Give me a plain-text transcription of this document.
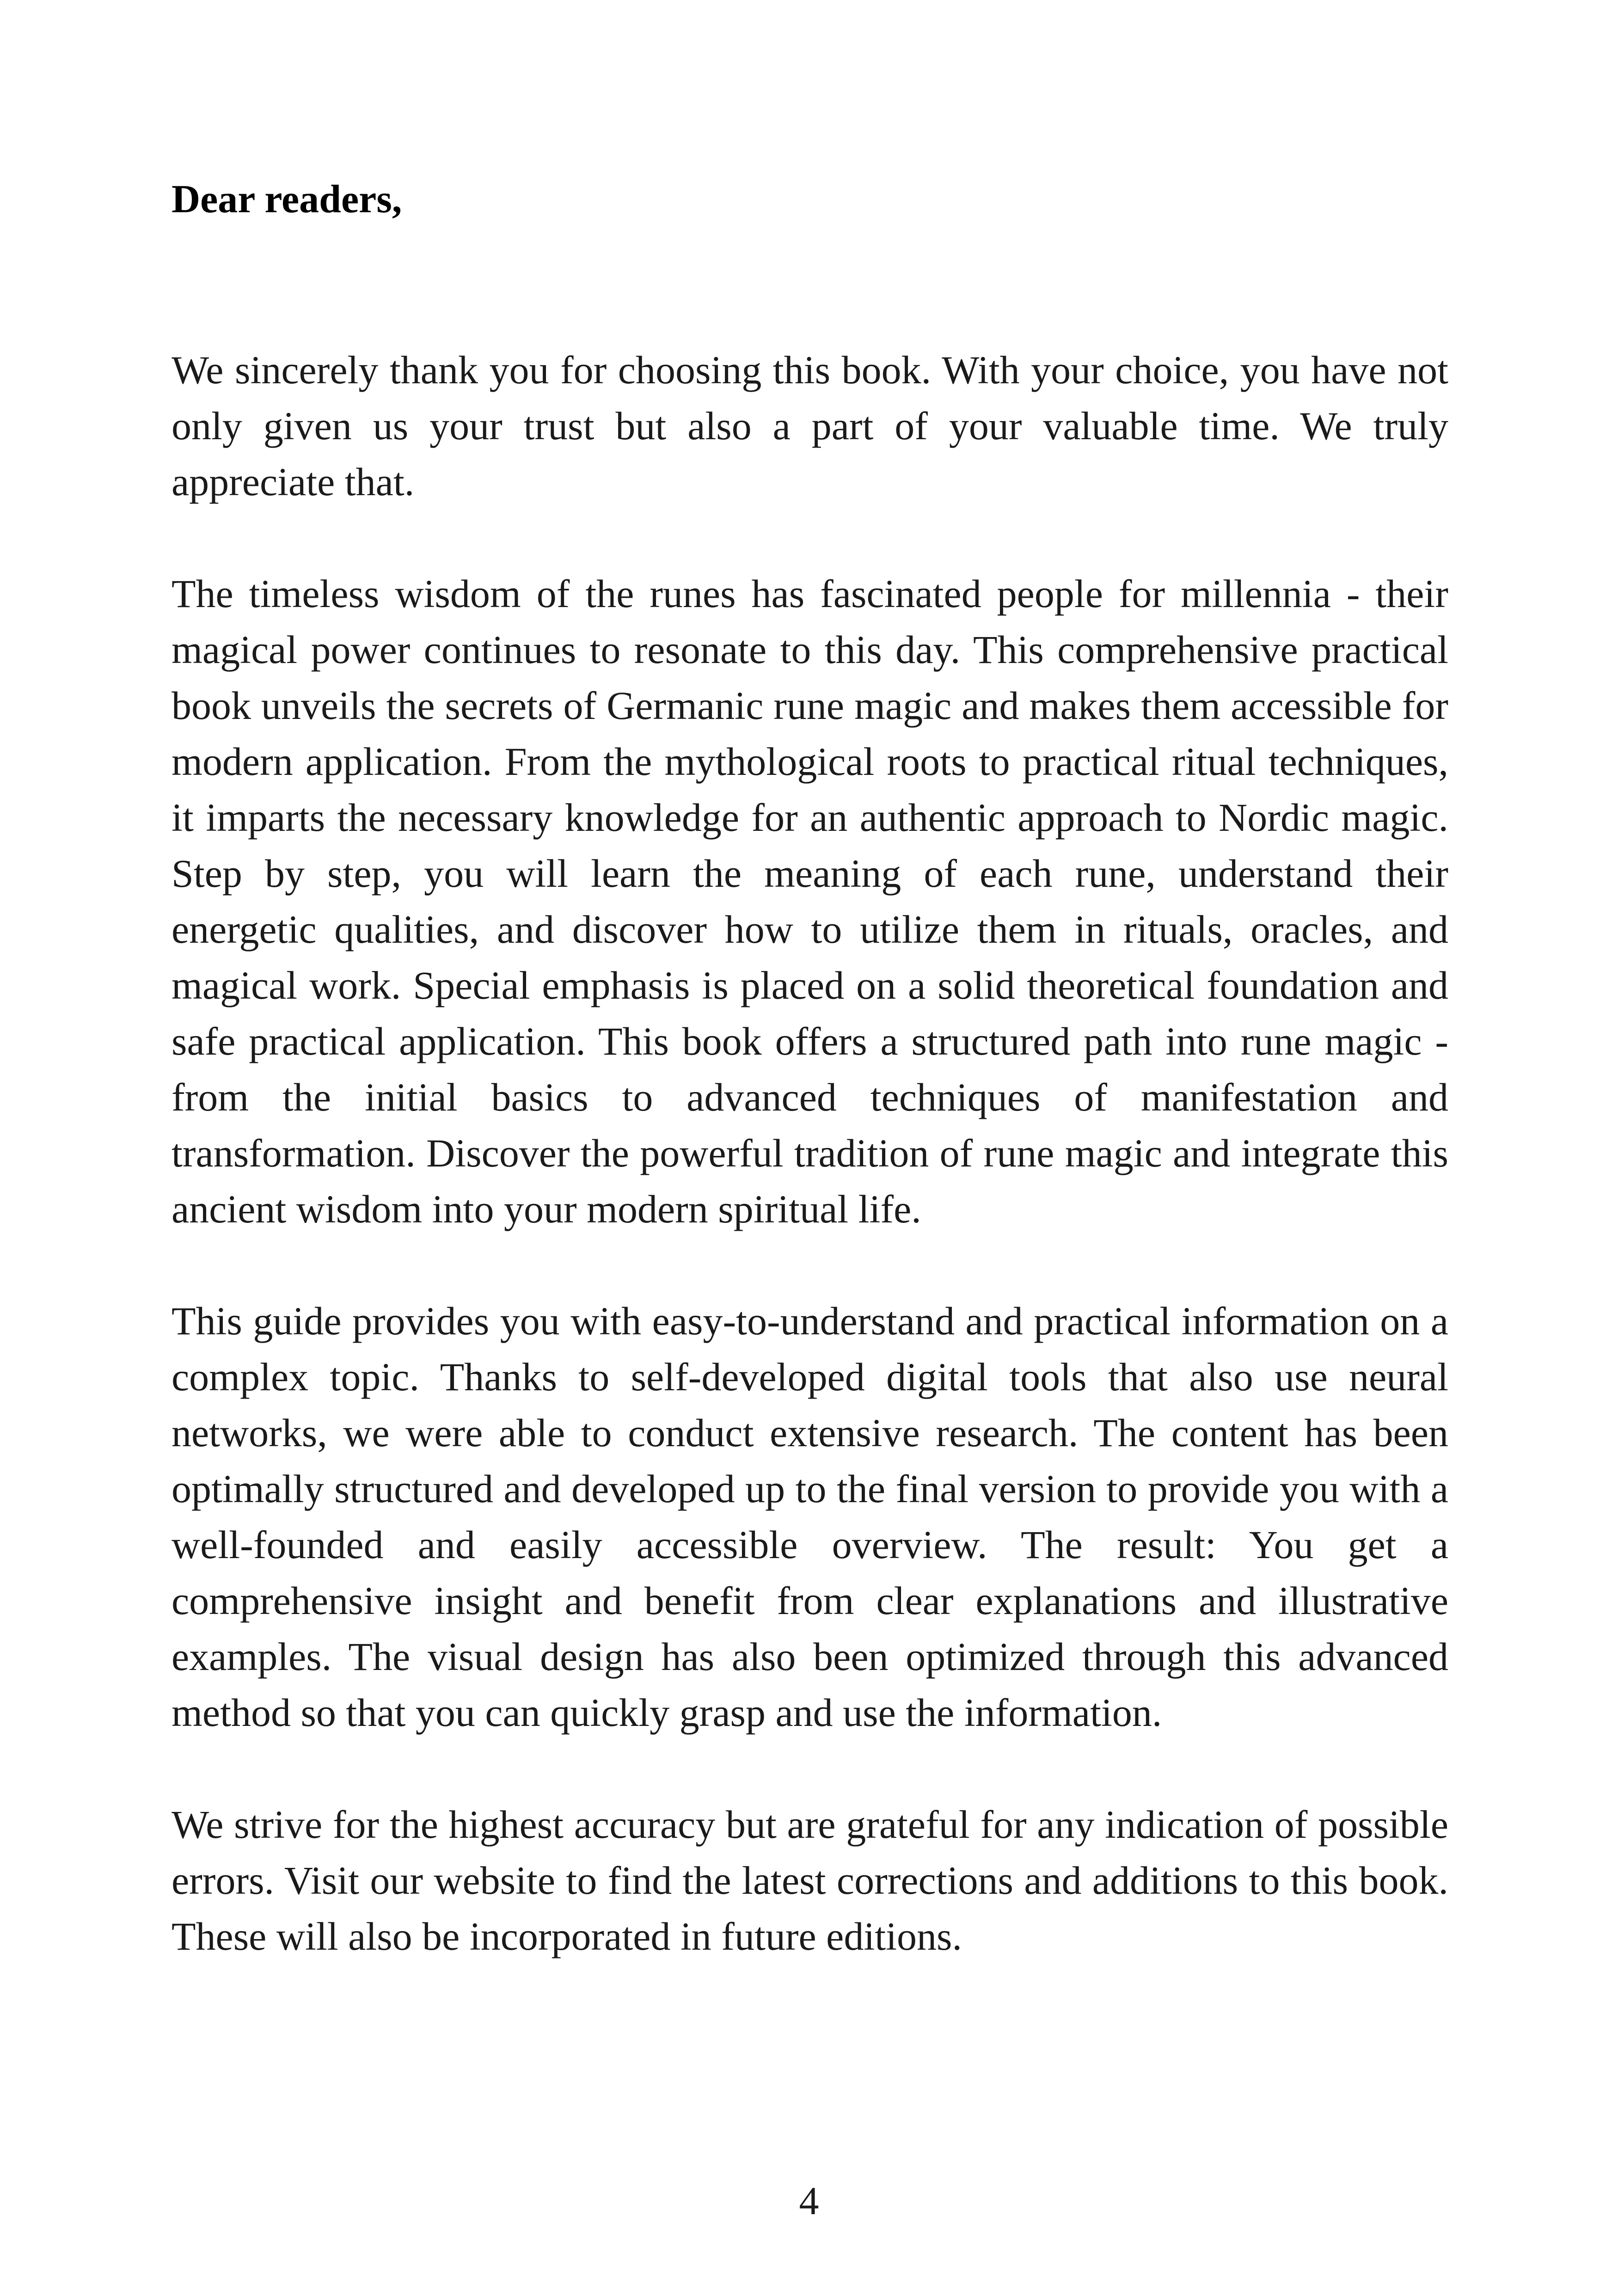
Dear readers,

We sincerely thank you for choosing this book. With your choice, you have not only given us your trust but also a part of your valuable time. We truly appreciate that.

The timeless wisdom of the runes has fascinated people for millennia - their magical power continues to resonate to this day. This comprehensive practical book unveils the secrets of Germanic rune magic and makes them accessible for modern application. From the mythological roots to practical ritual techniques, it imparts the necessary knowledge for an authentic approach to Nordic magic. Step by step, you will learn the meaning of each rune, understand their energetic qualities, and discover how to utilize them in rituals, oracles, and magical work. Special emphasis is placed on a solid theoretical foundation and safe practical application. This book offers a structured path into rune magic - from the initial basics to advanced techniques of manifestation and transformation. Discover the powerful tradition of rune magic and integrate this ancient wisdom into your modern spiritual life.

This guide provides you with easy-to-understand and practical information on a complex topic. Thanks to self-developed digital tools that also use neural networks, we were able to conduct extensive research. The content has been optimally structured and developed up to the final version to provide you with a well-founded and easily accessible overview. The result: You get a comprehensive insight and benefit from clear explanations and illustrative examples. The visual design has also been optimized through this advanced method so that you can quickly grasp and use the information.

We strive for the highest accuracy but are grateful for any indication of possible errors. Visit our website to find the latest corrections and additions to this book. These will also be incorporated in future editions.

4
